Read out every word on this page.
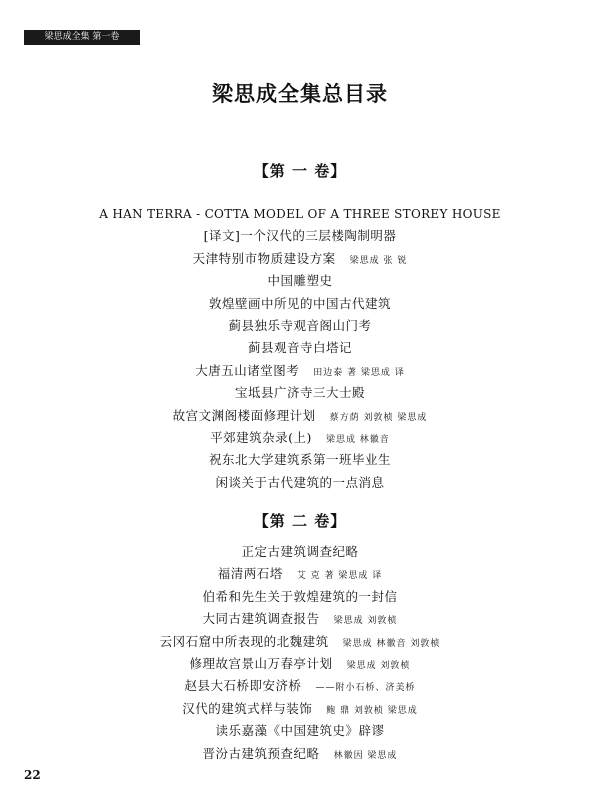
梁思成全集 第一卷
梁思成全集总目录
【第 一 卷】
A HAN TERRA - COTTA MODEL OF A THREE STOREY HOUSE
[译文]一个汉代的三层楼陶制明器
天津特别市物质建设方案 梁思成 张 锐
中国雕塑史
敦煌壁画中所见的中国古代建筑
蓟县独乐寺观音阁山门考
蓟县观音寺白塔记
大唐五山诸堂图考 田边泰 著 梁思成 译
宝坻县广济寺三大士殿
故宫文渊阁楼面修理计划 蔡方荫 刘敦桢 梁思成
平郊建筑杂录(上) 梁思成 林徽音
祝东北大学建筑系第一班毕业生
闲谈关于古代建筑的一点消息
【第 二 卷】
正定古建筑调查纪略
福清两石塔 艾 克 著 梁思成 译
伯希和先生关于敦煌建筑的一封信
大同古建筑调查报告 梁思成 刘敦桢
云冈石窟中所表现的北魏建筑 梁思成 林徽音 刘敦桢
修理故宫景山万春亭计划 梁思成 刘敦桢
赵县大石桥即安济桥 ——附小石桥、济美桥
汉代的建筑式样与装饰 鲍 鼎 刘敦桢 梁思成
读乐嘉藻《中国建筑史》辟谬
晋汾古建筑预查纪略 林徽因 梁思成
22
